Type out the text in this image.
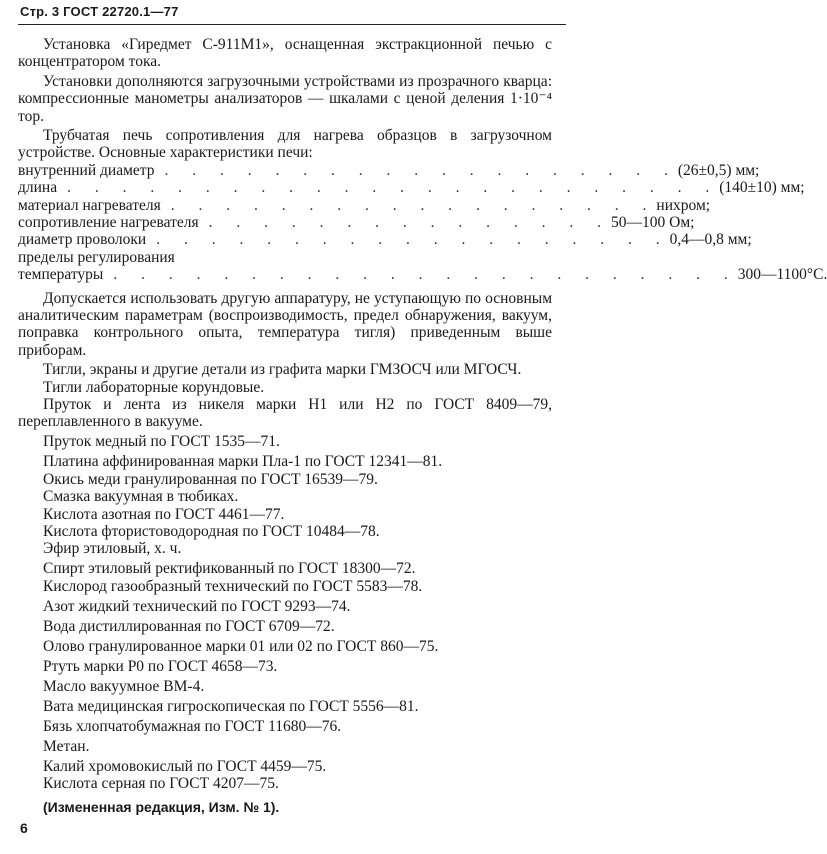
Стр. 3 ГОСТ 22720.1—77

Установка «Гиредмет С-911М1», оснащенная экстракционной печью с концентратором тока.

Установки дополняются загрузочными устройствами из прозрачного кварца: компрессионные манометры анализаторов — шкалами с ценой деления 1·10⁻⁴ тор.

Трубчатая печь сопротивления для нагрева образцов в загрузочном устройстве. Основные характеристики печи:

внутренний диаметр . . . . . . . . . . . . . . . . . . . (26±0,5) мм;
длина . . . . . . . . . . . . . . . . . . . . . . . . (140±10) мм;
материал нагревателя . . . . . . . . . . . . . . . . . . нихром;
сопротивление нагревателя . . . . . . . . . . . . . . . 50—100 Ом;
диаметр проволоки . . . . . . . . . . . . . . . . . . . 0,4—0,8 мм;
пределы регулирования
температуры . . . . . . . . . . . . . . . . . . . . . . . 300—1100°С.

Допускается использовать другую аппаратуру, не уступающую по основным аналитическим параметрам (воспроизводимость, предел обнаружения, вакуум, поправка контрольного опыта, температура тигля) приведенным выше приборам.

Тигли, экраны и другие детали из графита марки ГМЗОСЧ или МГОСЧ.

Тигли лабораторные корундовые.

Пруток и лента из никеля марки Н1 или Н2 по ГОСТ 8409—79, переплавленного в вакууме.

Пруток медный по ГОСТ 1535—71.

Платина аффинированная марки Пла-1 по ГОСТ 12341—81.

Окись меди гранулированная по ГОСТ 16539—79.

Смазка вакуумная в тюбиках.

Кислота азотная по ГОСТ 4461—77.

Кислота фтористоводородная по ГОСТ 10484—78.

Эфир этиловый, х. ч.

Спирт этиловый ректификованный по ГОСТ 18300—72.

Кислород газообразный технический по ГОСТ 5583—78.

Азот жидкий технический по ГОСТ 9293—74.

Вода дистиллированная по ГОСТ 6709—72.

Олово гранулированное марки 01 или 02 по ГОСТ 860—75.

Ртуть марки Р0 по ГОСТ 4658—73.

Масло вакуумное ВМ-4.

Вата медицинская гигроскопическая по ГОСТ 5556—81.

Бязь хлопчатобумажная по ГОСТ 11680—76.

Метан.

Калий хромовокислый по ГОСТ 4459—75.

Кислота серная по ГОСТ 4207—75.

(Измененная редакция, Изм. № 1).

6
